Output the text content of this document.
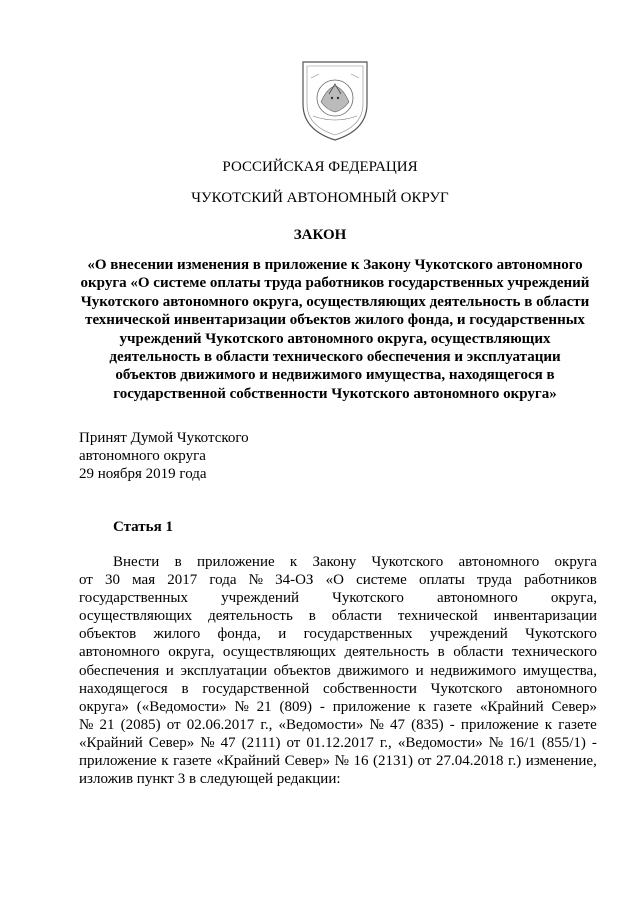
РОССИЙСКАЯ ФЕДЕРАЦИЯ
ЧУКОТСКИЙ АВТОНОМНЫЙ ОКРУГ
ЗАКОН
«О внесении изменения в приложение к Закону Чукотского автономного
округа «О системе оплаты труда работников государственных учреждений
Чукотского автономного округа, осуществляющих деятельность в области
технической инвентаризации объектов жилого фонда, и государственных
учреждений Чукотского автономного округа, осуществляющих
деятельность в области технического обеспечения и эксплуатации
объектов движимого и недвижимого имущества, находящегося в
государственной собственности Чукотского автономного округа»
Принят Думой Чукотского
автономного округа
29 ноября 2019 года
Статья 1
Внести в приложение к Закону Чукотского автономного округа
от 30 мая 2017 года № 34-ОЗ «О системе оплаты труда работников
государственных учреждений Чукотского автономного округа,
осуществляющих деятельность в области технической инвентаризации
объектов жилого фонда, и государственных учреждений Чукотского
автономного округа, осуществляющих деятельность в области технического
обеспечения и эксплуатации объектов движимого и недвижимого имущества,
находящегося в государственной собственности Чукотского автономного
округа» («Ведомости» № 21 (809) - приложение к газете «Крайний Север»
№ 21 (2085) от 02.06.2017 г., «Ведомости» № 47 (835) - приложение к газете
«Крайний Север» № 47 (2111) от 01.12.2017 г., «Ведомости» № 16/1 (855/1) -
приложение к газете «Крайний Север» № 16 (2131) от 27.04.2018 г.) изменение,
изложив пункт 3 в следующей редакции:
